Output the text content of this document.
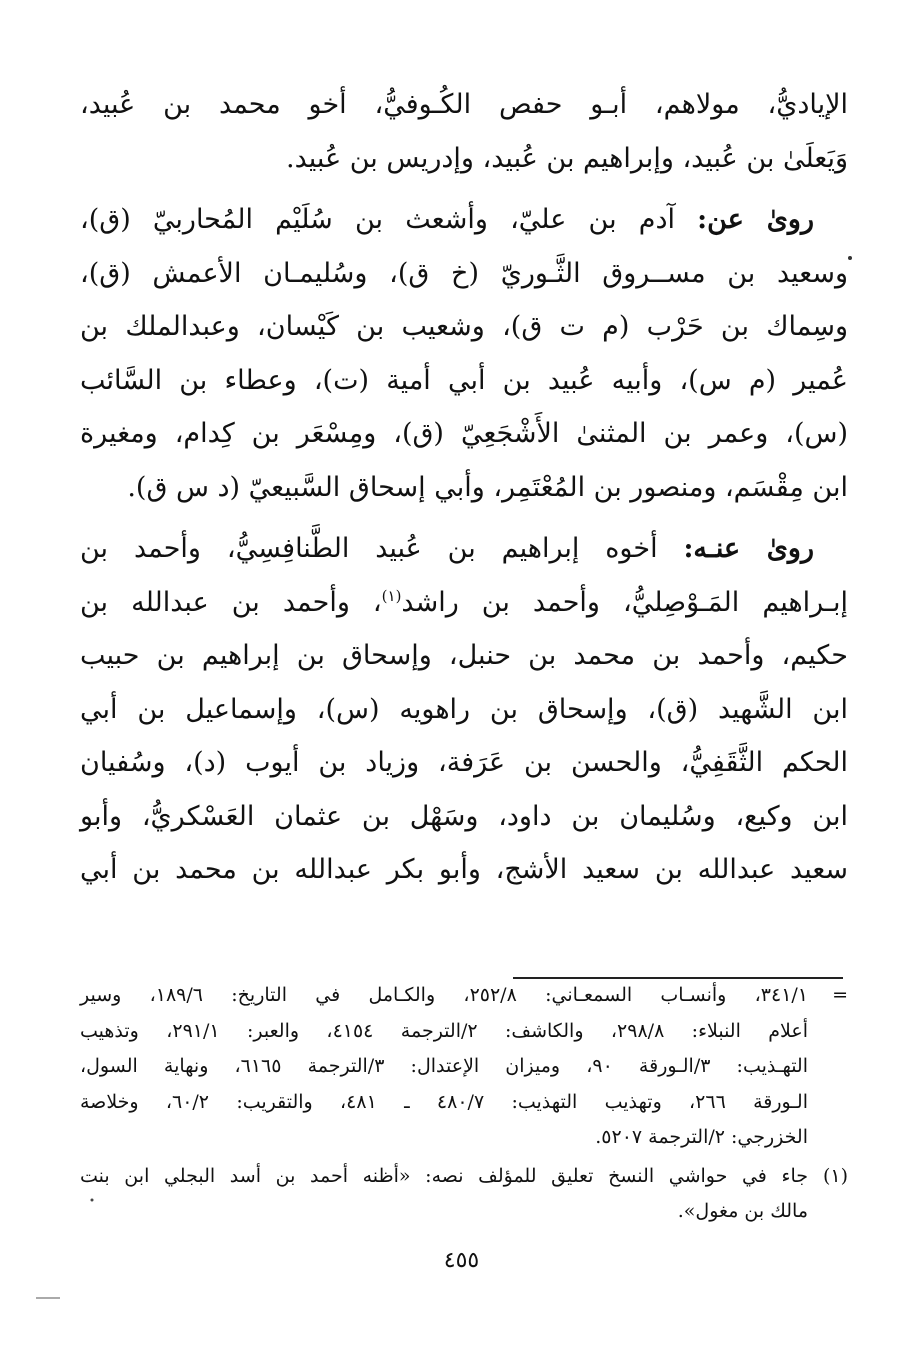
الإياديُّ، مولاهم، أبـو حفص الكُـوفيُّ، أخو محمد بن عُبيد،
وَيَعلَىٰ بن عُبيد، وإبراهيم بن عُبيد، وإدريس بن عُبيد.
روىٰ عن: آدم بن عليّ، وأشعث بن سُلَيْم المُحاربيّ (ق)،
وسعيد بن مســروق الثَّـوريّ (خ ق)، وسُليمـان الأعمش (ق)،
وسِماك بن حَرْب (م ت ق)، وشعيب بن كَيْسان، وعبدالملك بن
عُمير (م س)، وأبيه عُبيد بن أبي أمية (ت)، وعطاء بن السَّائب
(س)، وعمر بن المثنىٰ الأَشْجَعِيّ (ق)، ومِسْعَر بن كِدام، ومغيرة
ابن مِقْسَم، ومنصور بن المُعْتَمِر، وأبي إسحاق السَّبيعيّ (د س ق).
روىٰ عنـه: أخوه إبراهيم بن عُبيد الطَّنافِسِيُّ، وأحمد بن
إبـراهيم المَـوْصِليُّ، وأحمد بن راشد$^{(١)}$، وأحمد بن عبدالله بن
حكيم، وأحمد بن محمد بن حنبل، وإسحاق بن إبراهيم بن حبيب
ابن الشَّهيد (ق)، وإسحاق بن راهويه (س)، وإسماعيل بن أبي
الحكم الثَّقَفِيُّ، والحسن بن عَرَفة، وزياد بن أيوب (د)، وسُفيان
ابن وكيع، وسُليمان بن داود، وسَهْل بن عثمان العَسْكريُّ، وأبو
سعيد عبدالله بن سعيد الأشج، وأبو بكر عبدالله بن محمد بن أبي
=
٣٤١/١، وأنسـاب السمعـاني: ٢٥٢/٨، والكـامل في التاريخ: ١٨٩/٦، وسير
أعلام النبلاء: ٢٩٨/٨، والكاشف: ٢/الترجمة ٤١٥٤، والعبر: ٢٩١/١، وتذهيب
التهـذيب: ٣/الـورقة ٩٠، وميزان الإعتدال: ٣/الترجمة ٦١٦٥، ونهاية السول،
الـورقة ٢٦٦، وتهذيب التهذيب: ٤٨٠/٧ ـ ٤٨١، والتقريب: ٦٠/٢، وخلاصة
الخزرجي: ٢/الترجمة ٥٢٠٧.
(١)
جاء في حواشي النسخ تعليق للمؤلف نصه: «أظنه أحمد بن أسد البجلي ابن بنت
مالك بن مغول».
٤٥٥
